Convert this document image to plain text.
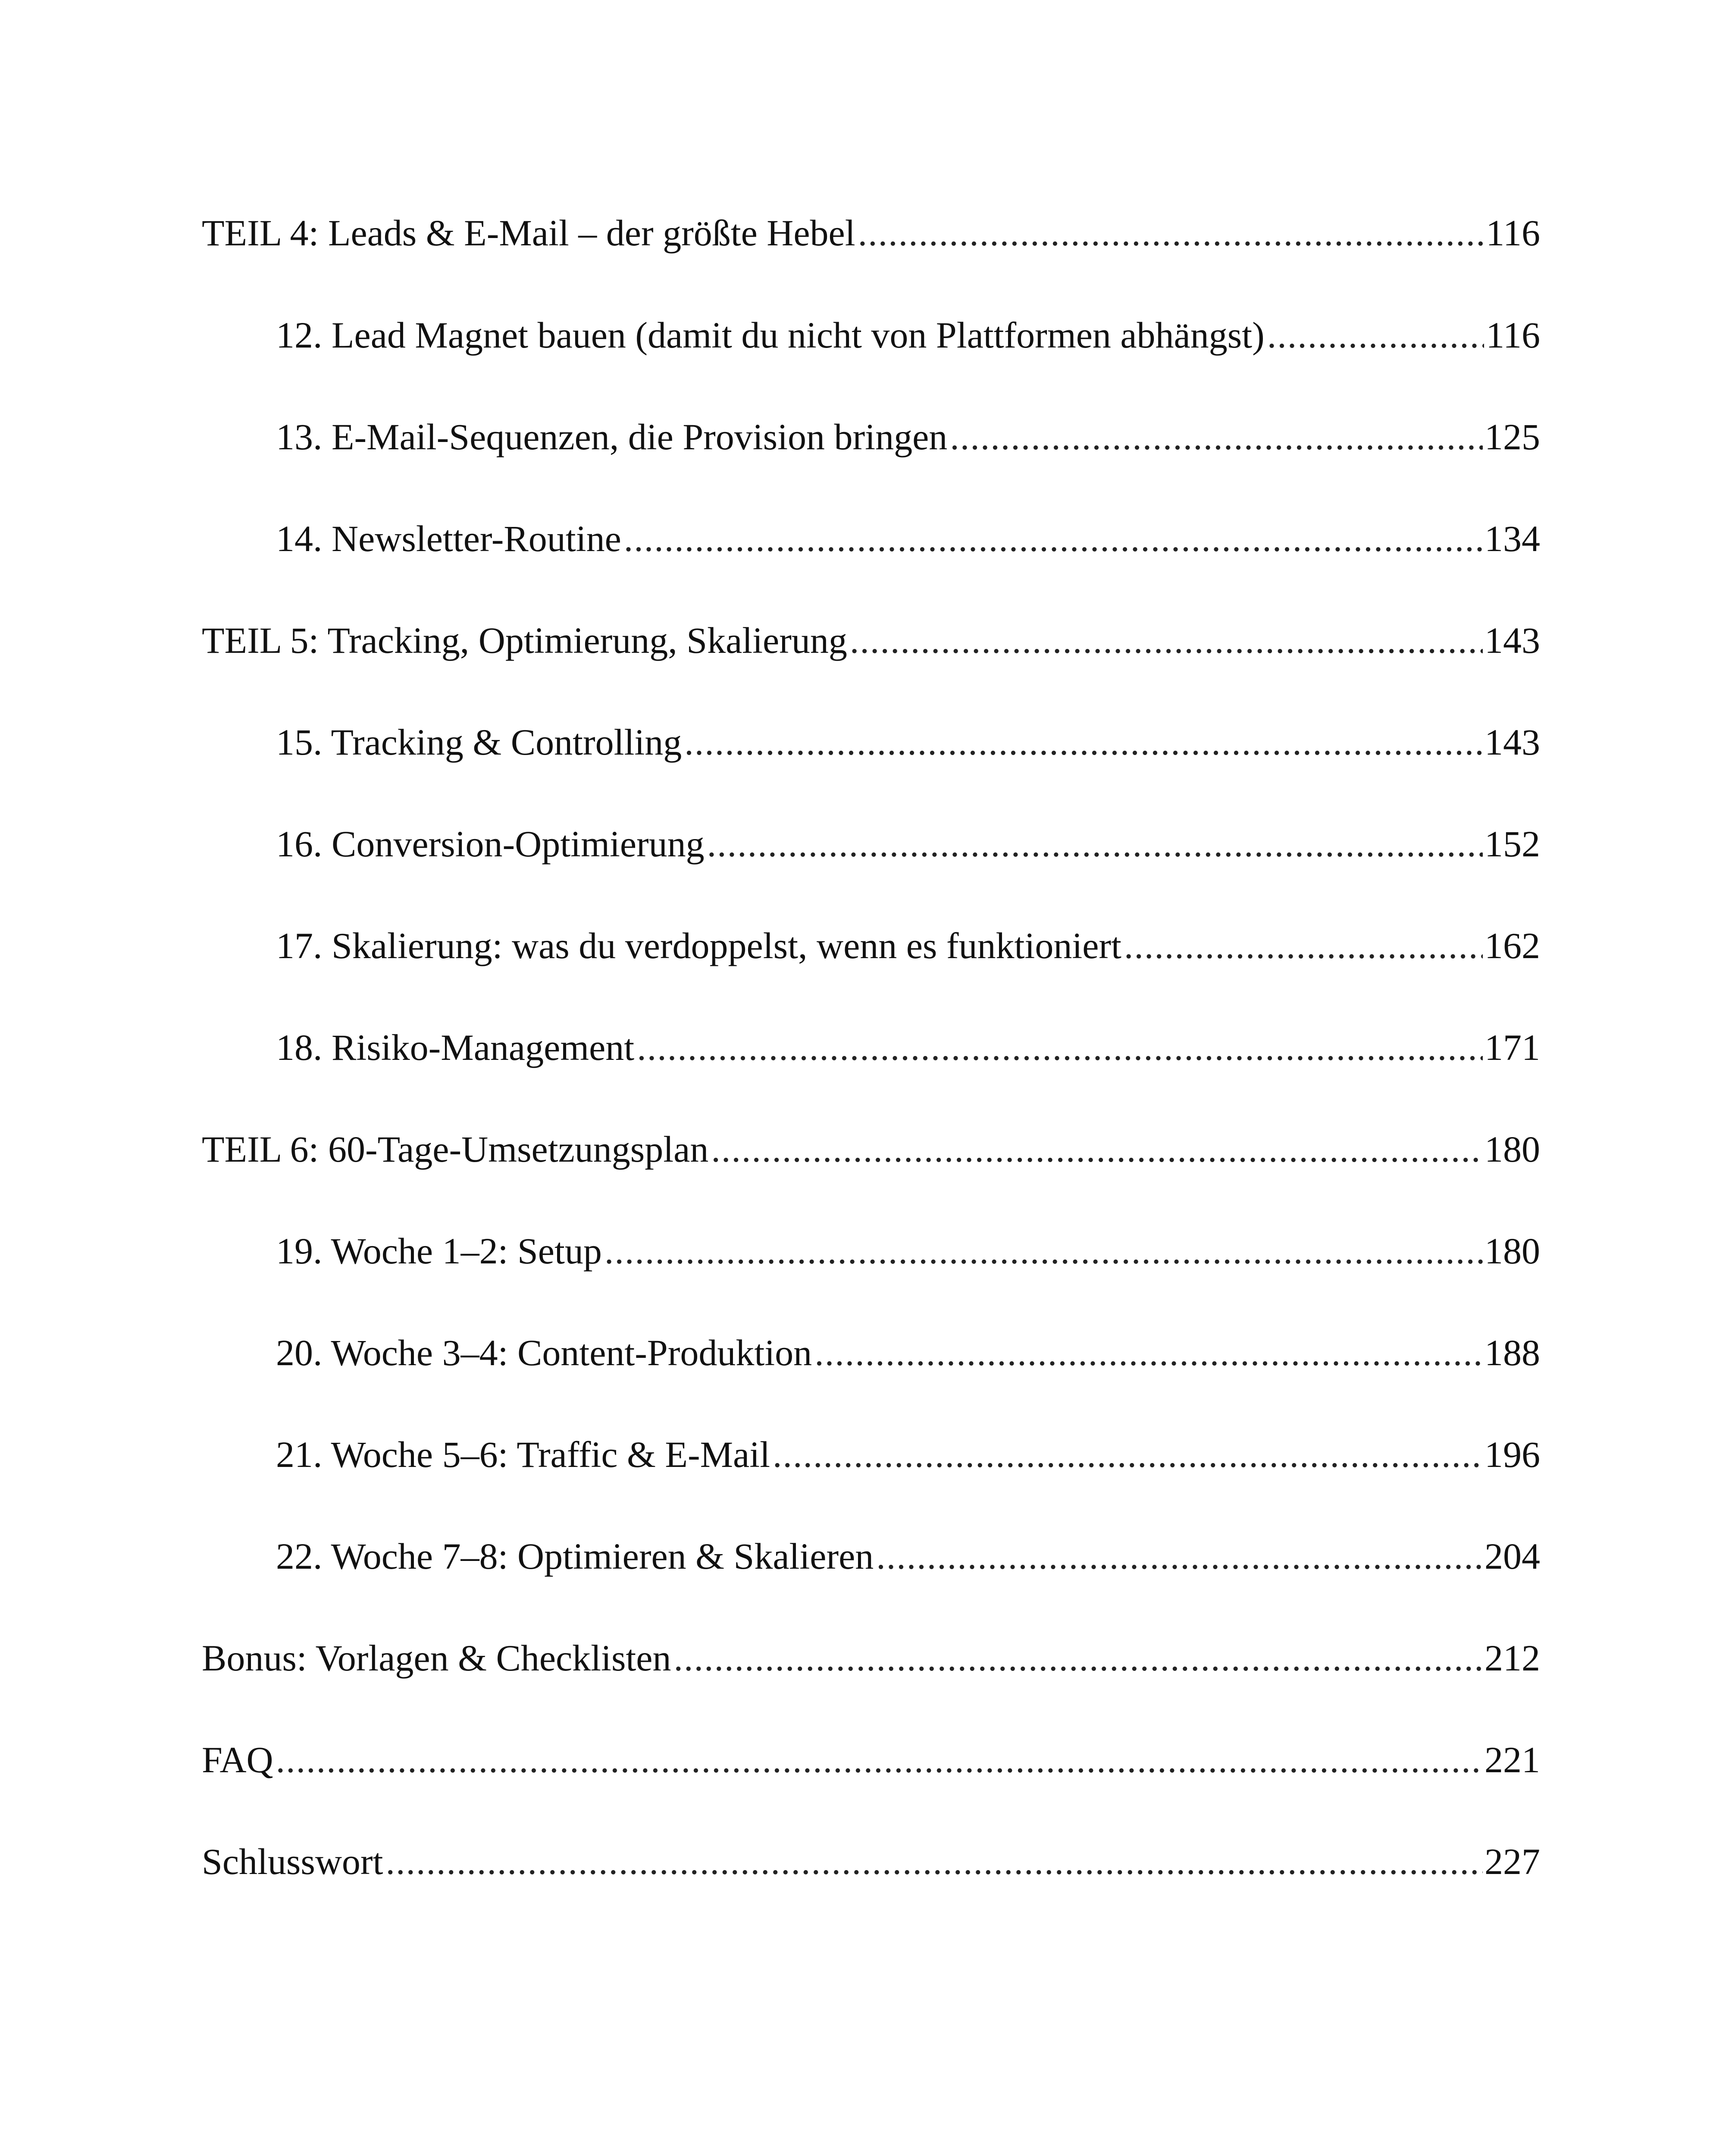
TEIL 4: Leads & E-Mail – der größte Hebel .....	116
12. Lead Magnet bauen (damit du nicht von Plattformen abhängst) .....	116
13. E-Mail-Sequenzen, die Provision bringen .....	125
14. Newsletter-Routine .....	134
TEIL 5: Tracking, Optimierung, Skalierung .....	143
15. Tracking & Controlling .....	143
16. Conversion-Optimierung .....	152
17. Skalierung: was du verdoppelst, wenn es funktioniert .....	162
18. Risiko-Management .....	171
TEIL 6: 60-Tage-Umsetzungsplan .....	180
19. Woche 1–2: Setup .....	180
20. Woche 3–4: Content-Produktion .....	188
21. Woche 5–6: Traffic & E-Mail .....	196
22. Woche 7–8: Optimieren & Skalieren .....	204
Bonus: Vorlagen & Checklisten .....	212
FAQ .....	221
Schlusswort .....	227
